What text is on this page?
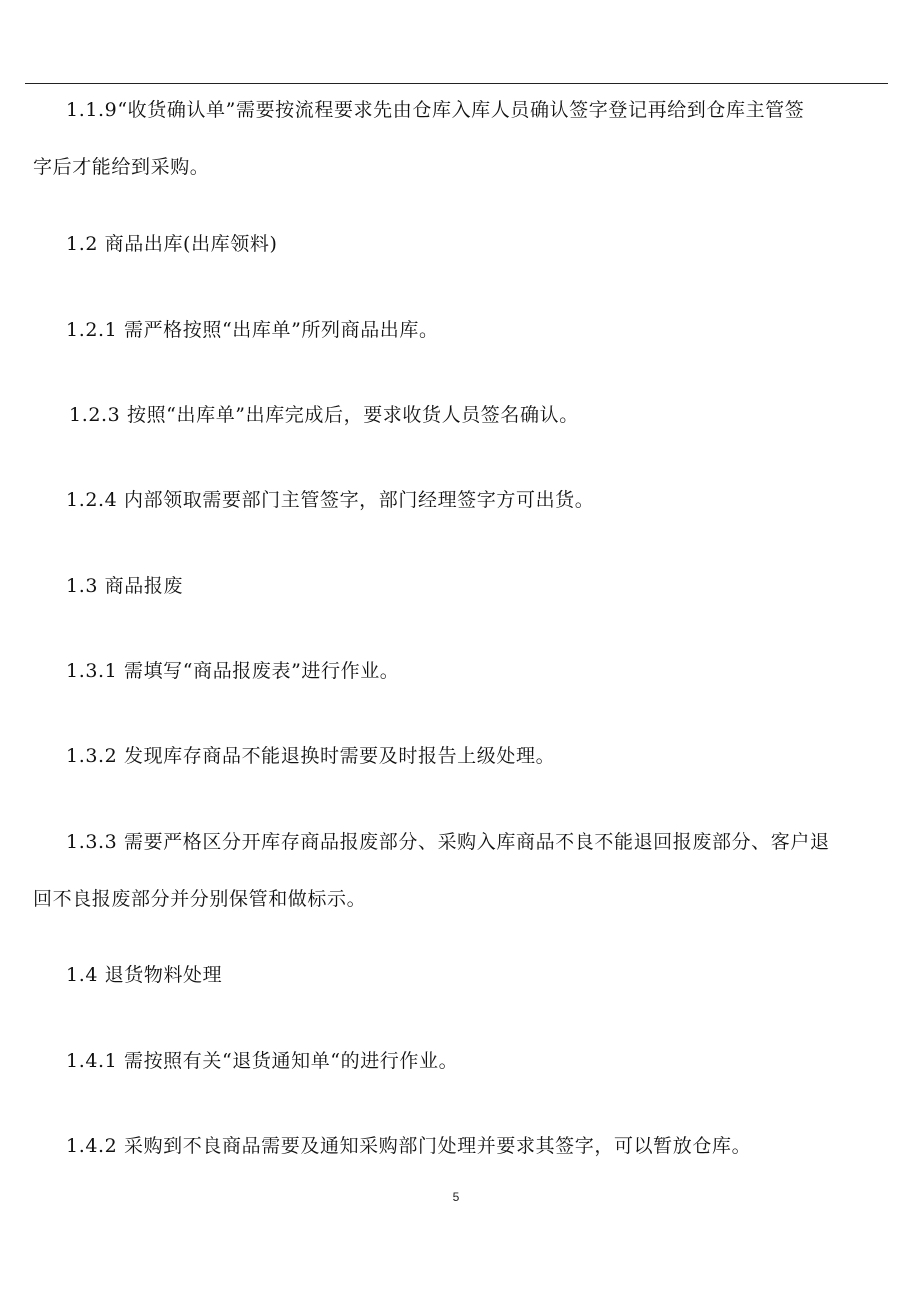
1.1.9“收货确认单”需要按流程要求先由仓库入库人员确认签字登记再给到仓库主管签
字后才能给到采购。

1.2 商品出库(出库领料)

1.2.1 需严格按照“出库单”所列商品出库。

1.2.3 按照“出库单”出库完成后，要求收货人员签名确认。

1.2.4 内部领取需要部门主管签字，部门经理签字方可出货。

1.3 商品报废

1.3.1 需填写“商品报废表”进行作业。

1.3.2 发现库存商品不能退换时需要及时报告上级处理。

1.3.3 需要严格区分开库存商品报废部分、采购入库商品不良不能退回报废部分、客户退
回不良报废部分并分别保管和做标示。

1.4 退货物料处理

1.4.1 需按照有关“退货通知单“的进行作业。

1.4.2 采购到不良商品需要及通知采购部门处理并要求其签字，可以暂放仓库。

5
